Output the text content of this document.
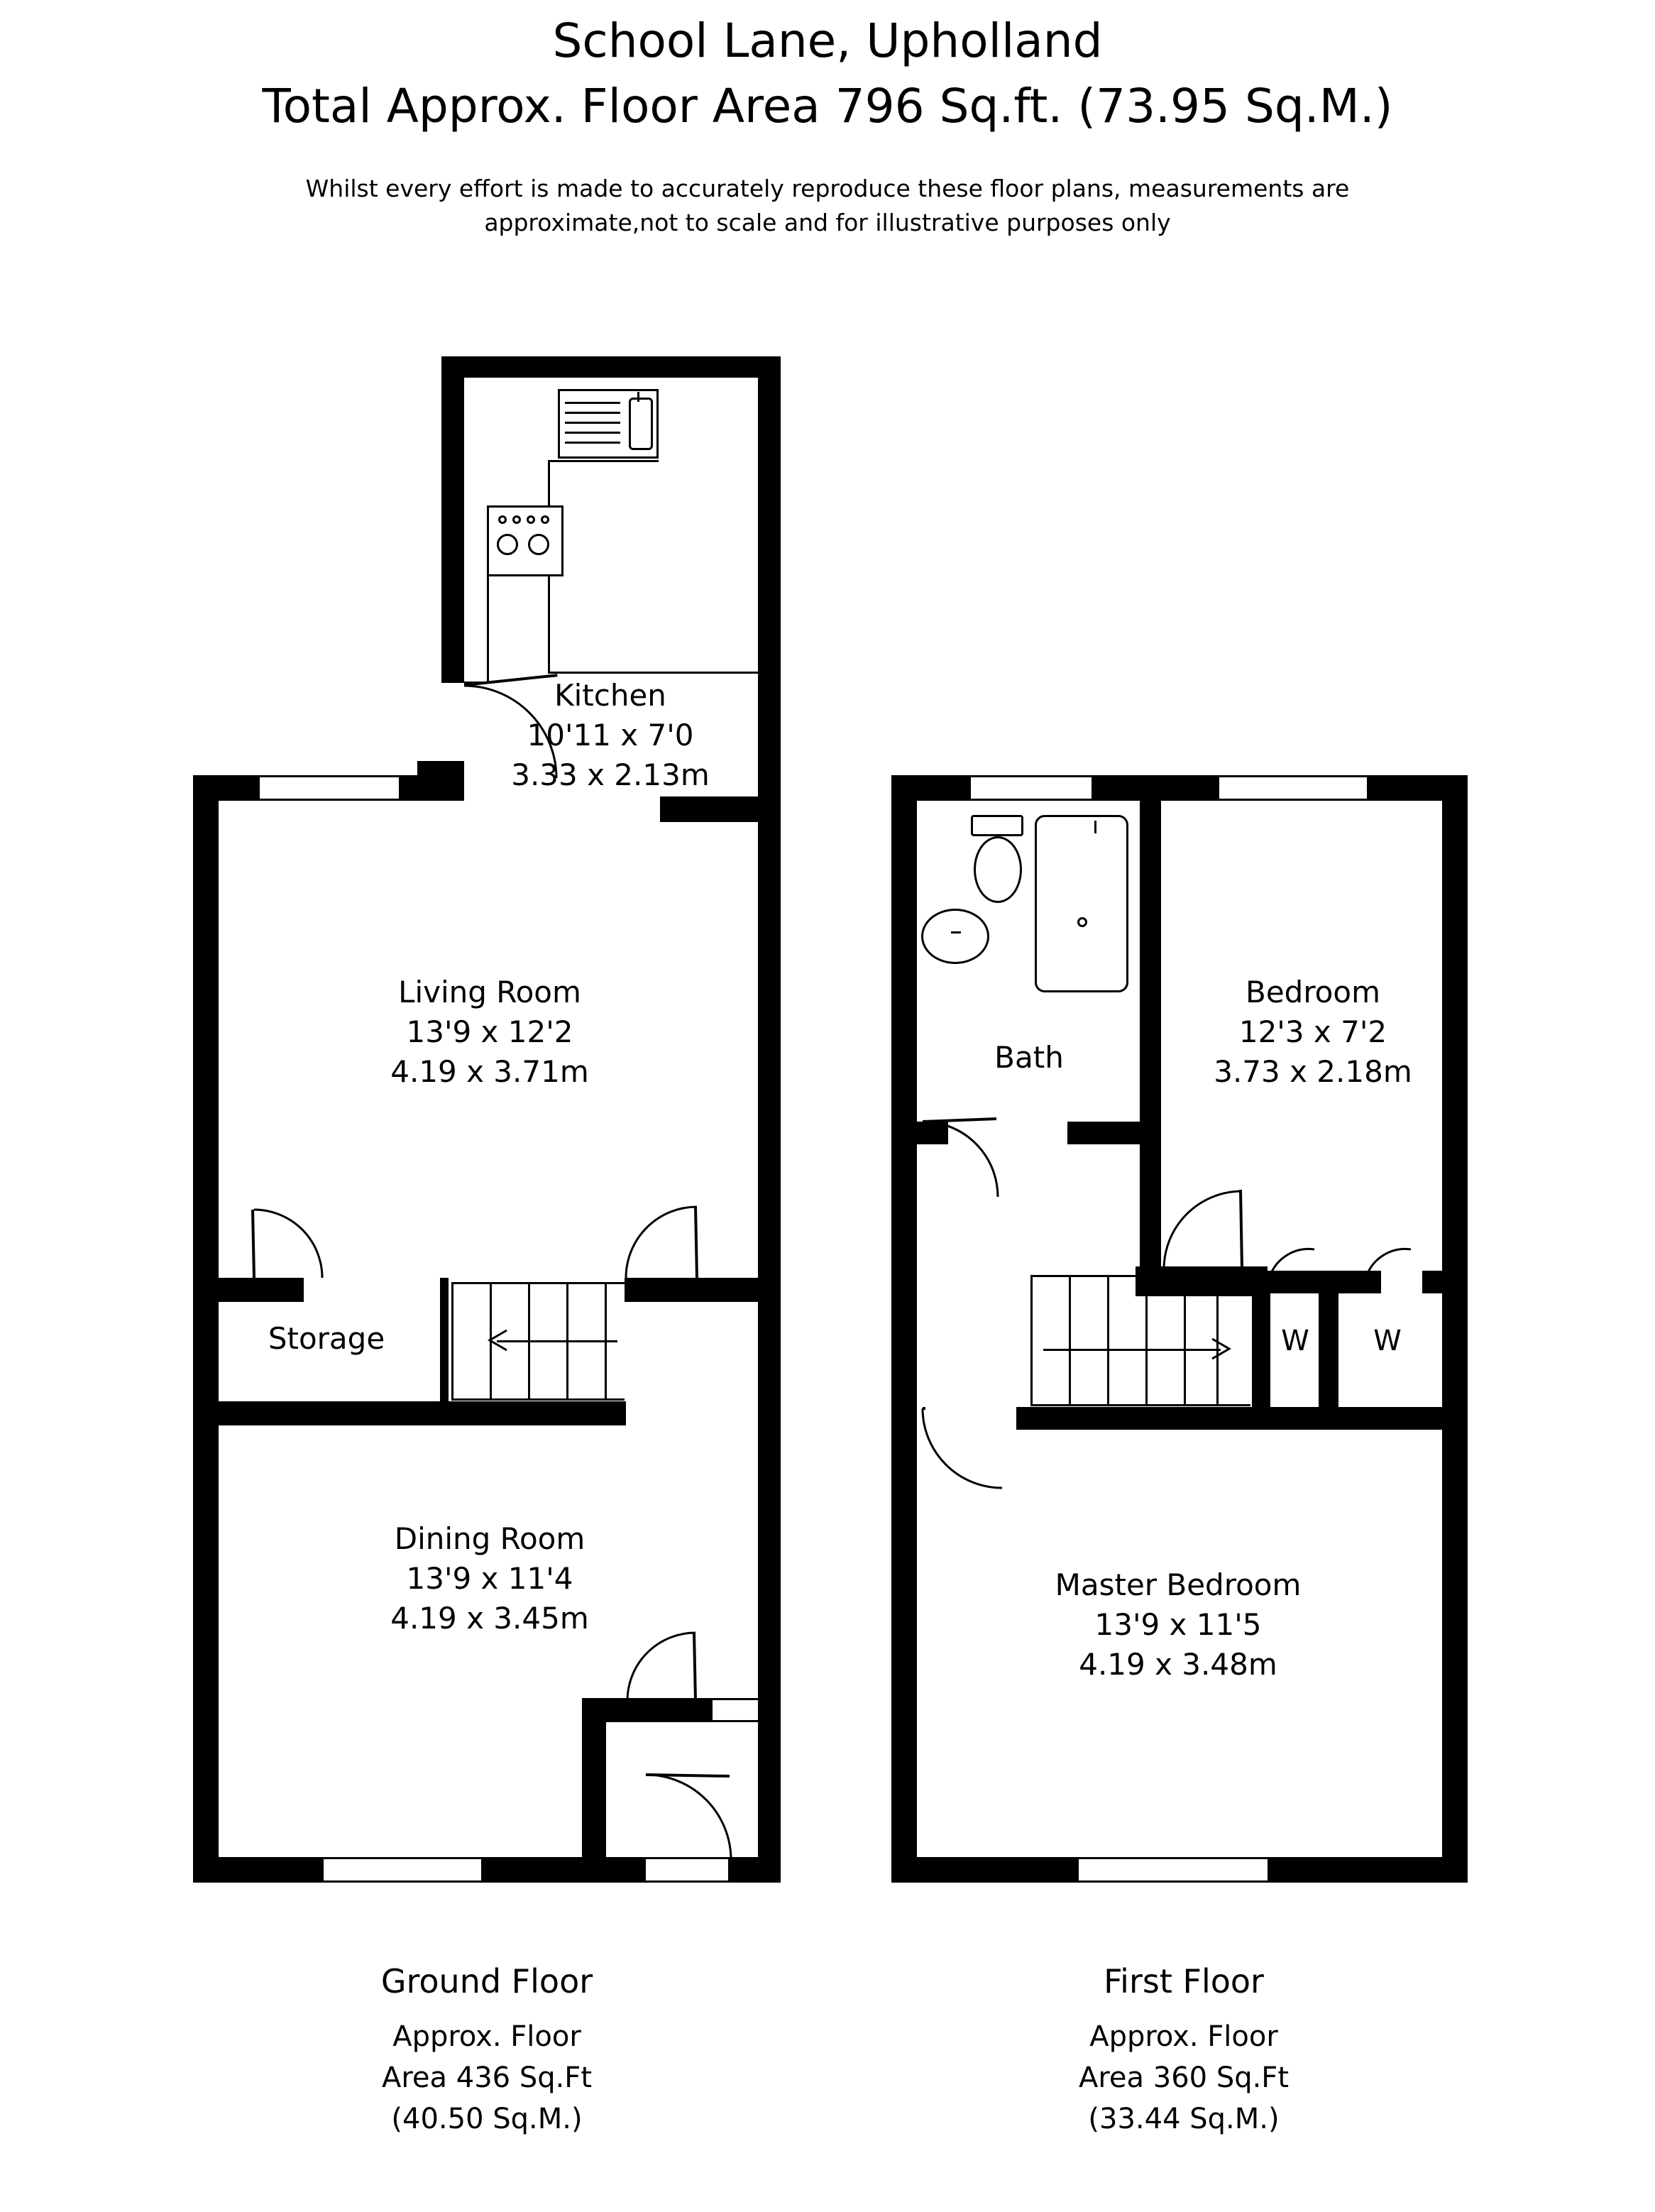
School Lane, Upholland
Total Approx. Floor Area 796 Sq.ft. (73.95 Sq.M.)
Whilst every effort is made to accurately reproduce these floor plans, measurements are
approximate,not to scale and for illustrative purposes only
Kitchen
10'11 x 7'0
3.33 x 2.13m
Living Room
13'9 x 12'2
4.19 x 3.71m
Storage
Dining Room
13'9 x 11'4
4.19 x 3.45m
Ground Floor
Approx. Floor
Area 436 Sq.Ft
(40.50 Sq.M.)
Bath
Bedroom
12'3 x 7'2
3.73 x 2.18m
Master Bedroom
13'9 x 11'5
4.19 x 3.48m
W	W
First Floor
Approx. Floor
Area 360 Sq.Ft
(33.44 Sq.M.)
